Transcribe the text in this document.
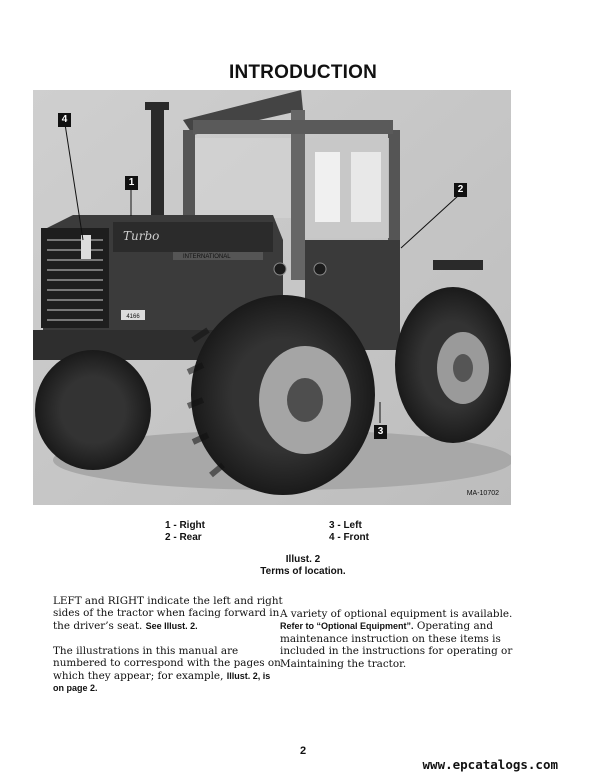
INTRODUCTION
4166
Turbo
INTERNATIONAL
MA-10702
4
1
2
3
1 - Right
2 - Rear
3 - Left
4 - Front
Illust. 2
Terms of location.

LEFT and RIGHT indicate the left and right sides of the tractor when facing forward in the driver’s seat. See Illust. 2.

The illustrations in this manual are numbered to correspond with the pages on which they appear; for example, Illust. 2, is on page 2.

A variety of optional equipment is available. Refer to “Optional Equipment”. Operating and maintenance instruction on these items is included in the instructions for operating or Maintaining the tractor.

2
www.epcatalogs.com
